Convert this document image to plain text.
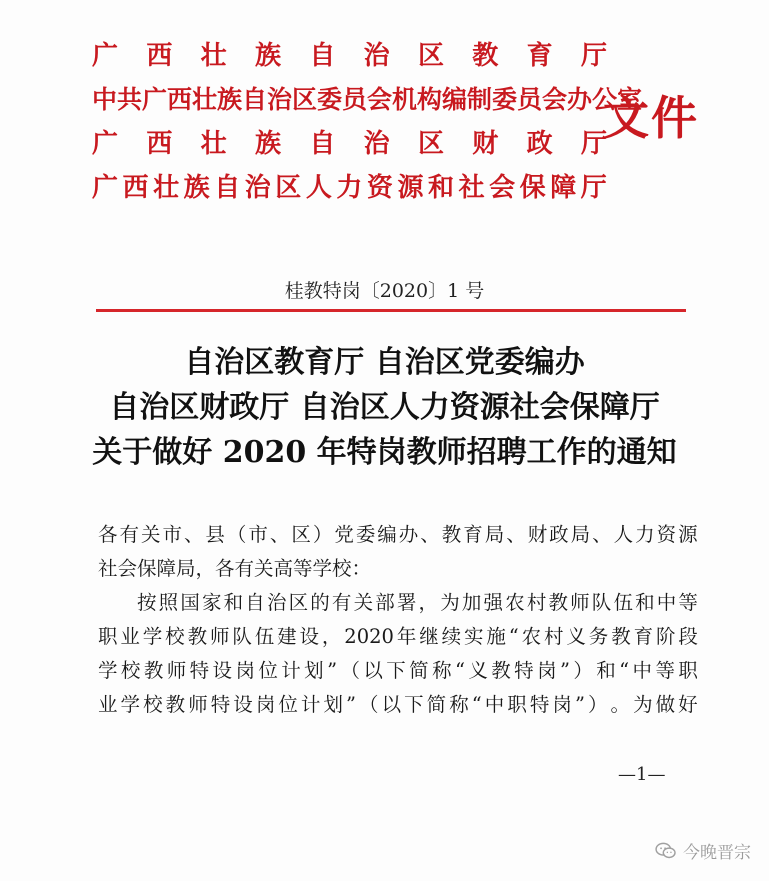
广 西 壮 族 自 治 区 教 育 厅
中共广西壮族自治区委员会机构编制委员会办公室
广 西 壮 族 自 治 区 财 政 厅
广 西 壮 族 自 治 区 人 力 资 源 和 社 会 保 障 厅
文件
桂教特岗〔2020〕1 号
自治区教育厅 自治区党委编办
自治区财政厅 自治区人力资源社会保障厅
关于做好 2020 年特岗教师招聘工作的通知
各 有 关 市 、 县 （ 市 、 区 ） 党 委 编 办 、 教 育 局 、 财 政 局 、 人 力 资 源
社会保障局，各有关高等学校：
按 照 国 家 和 自 治 区 的 有 关 部 署 ， 为 加 强 农 村 教 师 队 伍 和 中 等
职 业 学 校 教 师 队 伍 建 设 ， 2020 年 继 续 实 施 “ 农 村 义 务 教 育 阶 段
学 校 教 师 特 设 岗 位 计 划 ” （ 以 下 简 称 “ 义 教 特 岗 ” ） 和 “ 中 等 职
业 学 校 教 师 特 设 岗 位 计 划 ” （ 以 下 简 称 “ 中 职 特 岗 ” ） 。 为 做 好
—1—
今晚晋宗
